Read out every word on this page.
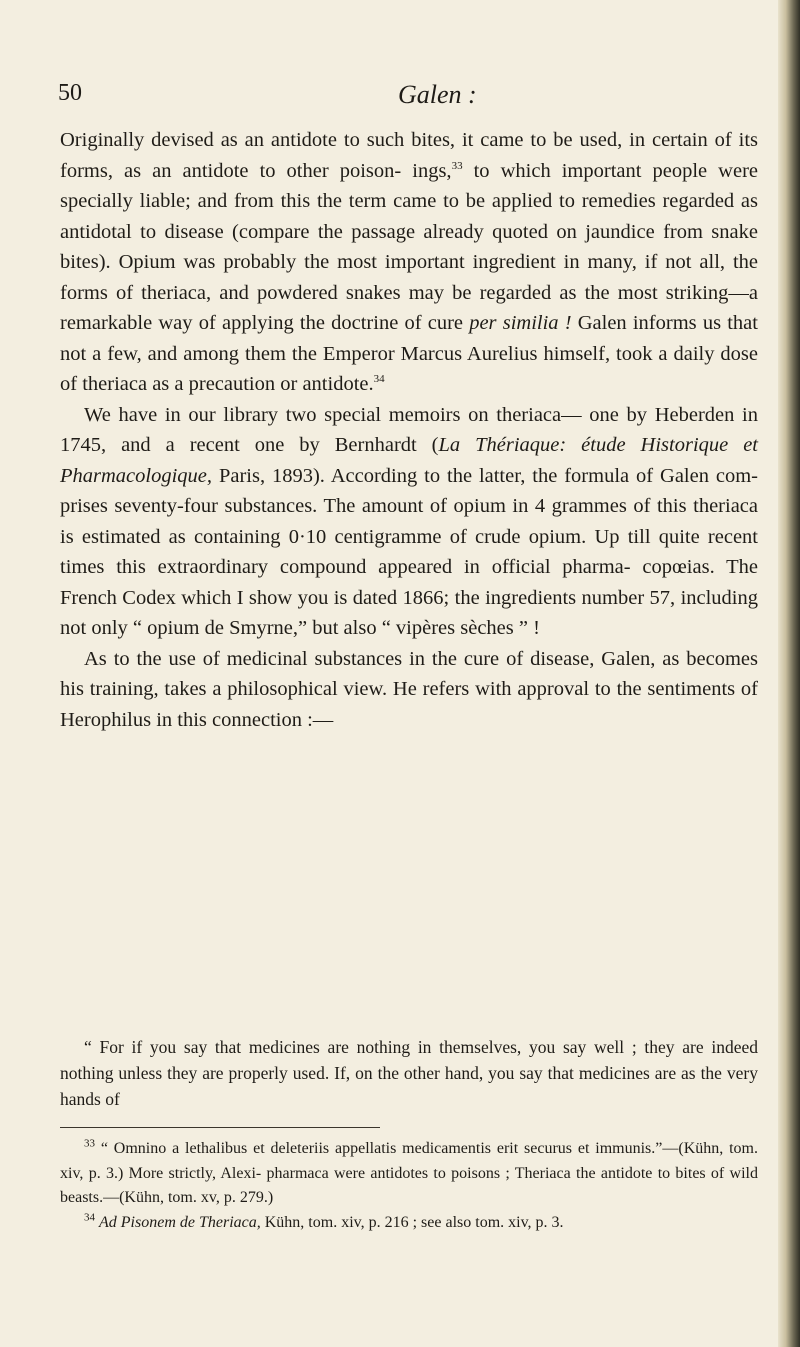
50	Galen :

Originally devised as an antidote to such bites, it came to be used, in certain of its forms, as an antidote to other poison- ings,$^{33}$ to which important people were specially liable; and from this the term came to be applied to remedies regarded as antidotal to disease (compare the passage already quoted on jaundice from snake bites). Opium was probably the most important ingredient in many, if not all, the forms of theriaca, and powdered snakes may be regarded as the most striking—a remarkable way of applying the doctrine of cure per similia ! Galen informs us that not a few, and among them the Emperor Marcus Aurelius himself, took a daily dose of theriaca as a precaution or antidote.$^{34}$

We have in our library two special memoirs on theriaca— one by Heberden in 1745, and a recent one by Bernhardt (La Thériaque: étude Historique et Pharmacologique, Paris, 1893). According to the latter, the formula of Galen com- prises seventy-four substances. The amount of opium in 4 grammes of this theriaca is estimated as containing 0·10 centigramme of crude opium. Up till quite recent times this extraordinary compound appeared in official pharma- copœias. The French Codex which I show you is dated 1866; the ingredients number 57, including not only “ opium de Smyrne,” but also “ vipères sèches ” !

As to the use of medicinal substances in the cure of disease, Galen, as becomes his training, takes a philosophical view. He refers with approval to the sentiments of Herophilus in this connection :—

“ For if you say that medicines are nothing in themselves, you say well ; they are indeed nothing unless they are properly used. If, on the other hand, you say that medicines are as the very hands of

$^{33}$ “ Omnino a lethalibus et deleteriis appellatis medicamentis erit securus et immunis.”—(Kühn, tom. xiv, p. 3.) More strictly, Alexi- pharmaca were antidotes to poisons ; Theriaca the antidote to bites of wild beasts.—(Kühn, tom. xv, p. 279.)

$^{34}$ Ad Pisonem de Theriaca, Kühn, tom. xiv, p. 216 ; see also tom. xiv, p. 3.
